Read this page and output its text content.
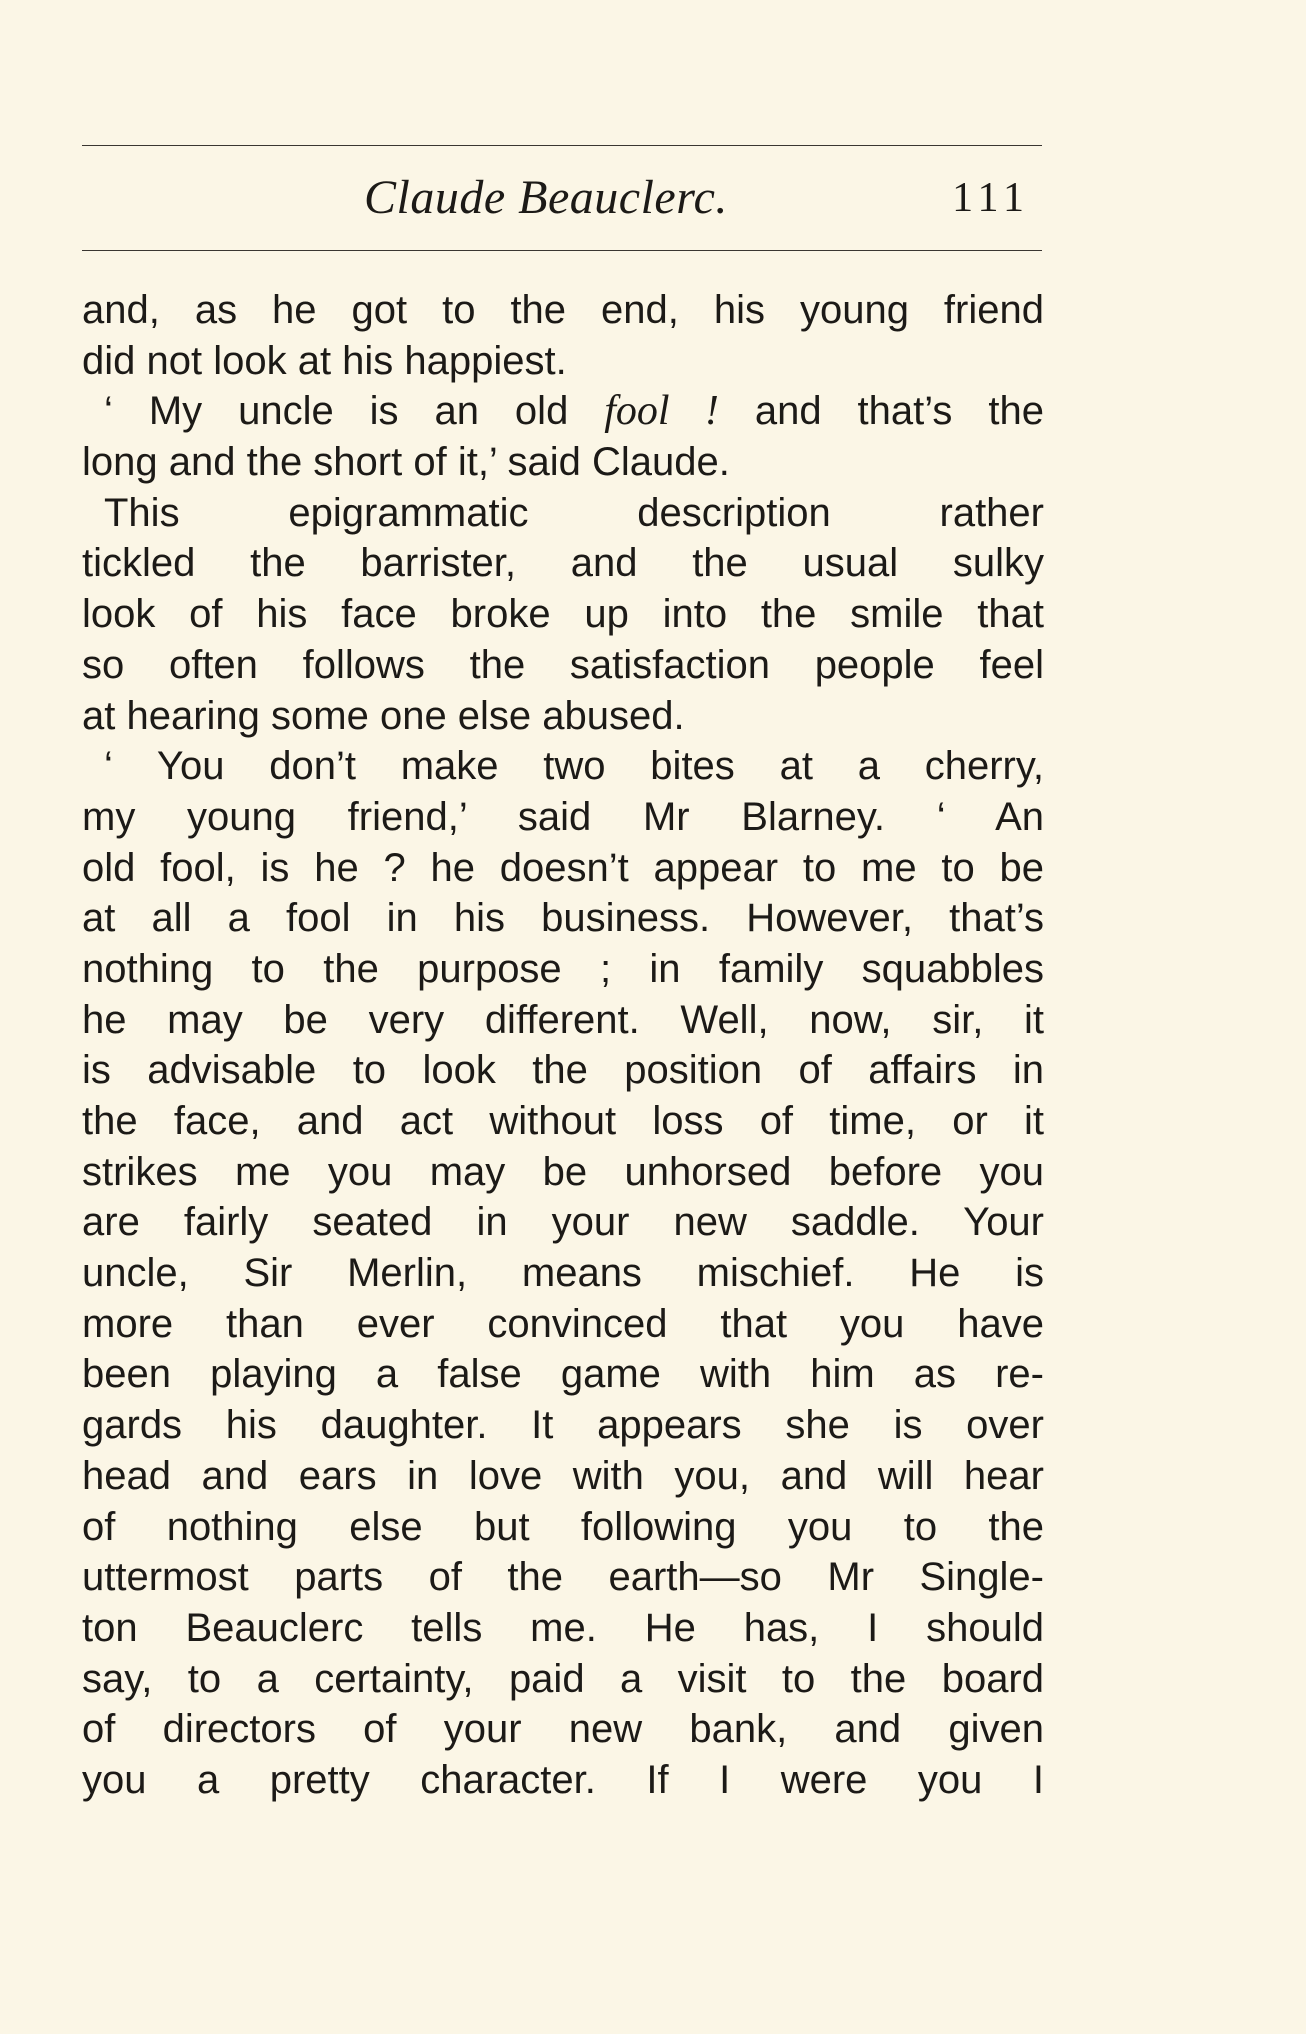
Claude Beauclerc.	111
and, as he got to the end, his young friend
did not look at his happiest.
‘ My uncle is an old fool ! and that’s the
long and the short of it,’ said Claude.
This epigrammatic description rather
tickled the barrister, and the usual sulky
look of his face broke up into the smile that
so often follows the satisfaction people feel
at hearing some one else abused.
‘ You don’t make two bites at a cherry,
my young friend,’ said Mr Blarney. ‘ An
old fool, is he ? he doesn’t appear to me to be
at all a fool in his business. However, that’s
nothing to the purpose ; in family squabbles
he may be very different. Well, now, sir, it
is advisable to look the position of affairs in
the face, and act without loss of time, or it
strikes me you may be unhorsed before you
are fairly seated in your new saddle. Your
uncle, Sir Merlin, means mischief. He is
more than ever convinced that you have
been playing a false game with him as re-
gards his daughter. It appears she is over
head and ears in love with you, and will hear
of nothing else but following you to the
uttermost parts of the earth—so Mr Single-
ton Beauclerc tells me. He has, I should
say, to a certainty, paid a visit to the board
of directors of your new bank, and given
you a pretty character. If I were you I
